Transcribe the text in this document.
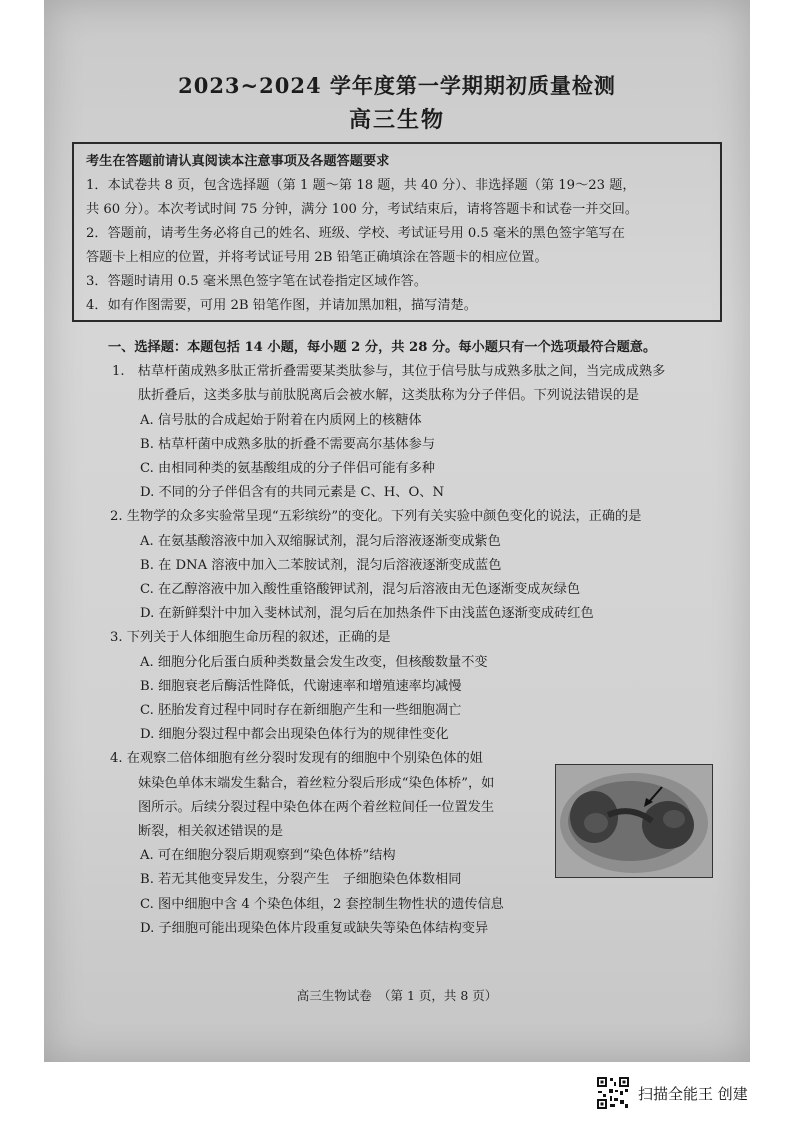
2023~2024 学年度第一学期期初质量检测
高三生物
考生在答题前请认真阅读本注意事项及各题答题要求
1．本试卷共 8 页，包含选择题（第 1 题～第 18 题，共 40 分）、非选择题（第 19～23 题，
共 60 分）。本次考试时间 75 分钟，满分 100 分，考试结束后，请将答题卡和试卷一并交回。
2．答题前，请考生务必将自己的姓名、班级、学校、考试证号用 0.5 毫米的黑色签字笔写在
答题卡上相应的位置，并将考试证号用 2B 铅笔正确填涂在答题卡的相应位置。
3．答题时请用 0.5 毫米黑色签字笔在试卷指定区域作答。
4．如有作图需要，可用 2B 铅笔作图，并请加黑加粗，描写清楚。
一、选择题：本题包括 14 小题，每小题 2 分，共 28 分。每小题只有一个选项最符合题意。
1.　枯草杆菌成熟多肽正常折叠需要某类肽参与，其位于信号肽与成熟多肽之间，当完成成熟多
肽折叠后，这类多肽与前肽脱离后会被水解，这类肽称为分子伴侣。下列说法错误的是
A. 信号肽的合成起始于附着在内质网上的核糖体
B. 枯草杆菌中成熟多肽的折叠不需要高尔基体参与
C. 由相同种类的氨基酸组成的分子伴侣可能有多种
D. 不同的分子伴侣含有的共同元素是 C、H、O、N
2. 生物学的众多实验常呈现“五彩缤纷”的变化。下列有关实验中颜色变化的说法，正确的是
A. 在氨基酸溶液中加入双缩脲试剂，混匀后溶液逐渐变成紫色
B. 在 DNA 溶液中加入二苯胺试剂，混匀后溶液逐渐变成蓝色
C. 在乙醇溶液中加入酸性重铬酸钾试剂，混匀后溶液由无色逐渐变成灰绿色
D. 在新鲜梨汁中加入斐林试剂，混匀后在加热条件下由浅蓝色逐渐变成砖红色
3. 下列关于人体细胞生命历程的叙述，正确的是
A. 细胞分化后蛋白质种类数量会发生改变，但核酸数量不变
B. 细胞衰老后酶活性降低，代谢速率和增殖速率均减慢
C. 胚胎发育过程中同时存在新细胞产生和一些细胞凋亡
D. 细胞分裂过程中都会出现染色体行为的规律性变化
4. 在观察二倍体细胞有丝分裂时发现有的细胞中个别染色体的姐
妹染色单体末端发生黏合，着丝粒分裂后形成“染色体桥”，如
图所示。后续分裂过程中染色体在两个着丝粒间任一位置发生
断裂，相关叙述错误的是
A. 可在细胞分裂后期观察到“染色体桥”结构
B. 若无其他变异发生，分裂产生　子细胞染色体数相同
C. 图中细胞中含 4 个染色体组，2 套控制生物性状的遗传信息
D. 子细胞可能出现染色体片段重复或缺失等染色体结构变异
高三生物试卷　（第 1 页，共 8 页）
扫描全能王 创建
